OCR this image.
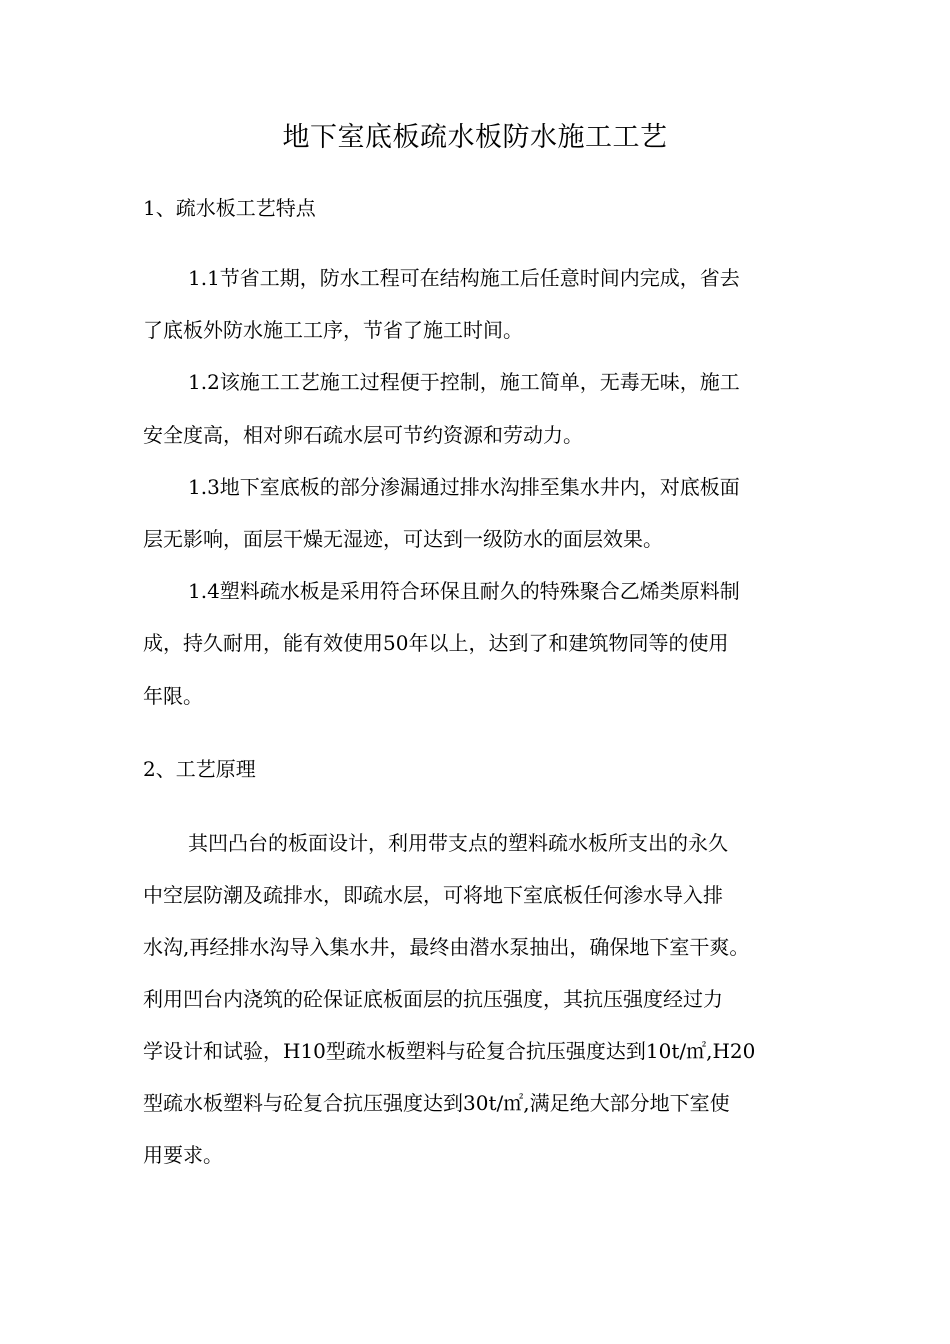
地下室底板疏水板防水施工工艺
1、疏水板工艺特点
1.1节省工期，防水工程可在结构施工后任意时间内完成，省去
了底板外防水施工工序，节省了施工时间。
1.2该施工工艺施工过程便于控制，施工简单，无毒无味，施工
安全度高，相对卵石疏水层可节约资源和劳动力。
1.3地下室底板的部分渗漏通过排水沟排至集水井内，对底板面
层无影响，面层干燥无湿迹，可达到一级防水的面层效果。
1.4塑料疏水板是采用符合环保且耐久的特殊聚合乙烯类原料制
成，持久耐用，能有效使用50年以上，达到了和建筑物同等的使用
年限。
2、工艺原理
其凹凸台的板面设计，利用带支点的塑料疏水板所支出的永久
中空层防潮及疏排水，即疏水层，可将地下室底板任何渗水导入排
水沟,再经排水沟导入集水井，最终由潜水泵抽出，确保地下室干爽。
利用凹台内浇筑的砼保证底板面层的抗压强度，其抗压强度经过力
学设计和试验，H10型疏水板塑料与砼复合抗压强度达到10t/㎡,H20
型疏水板塑料与砼复合抗压强度达到30t/㎡,满足绝大部分地下室使
用要求。
